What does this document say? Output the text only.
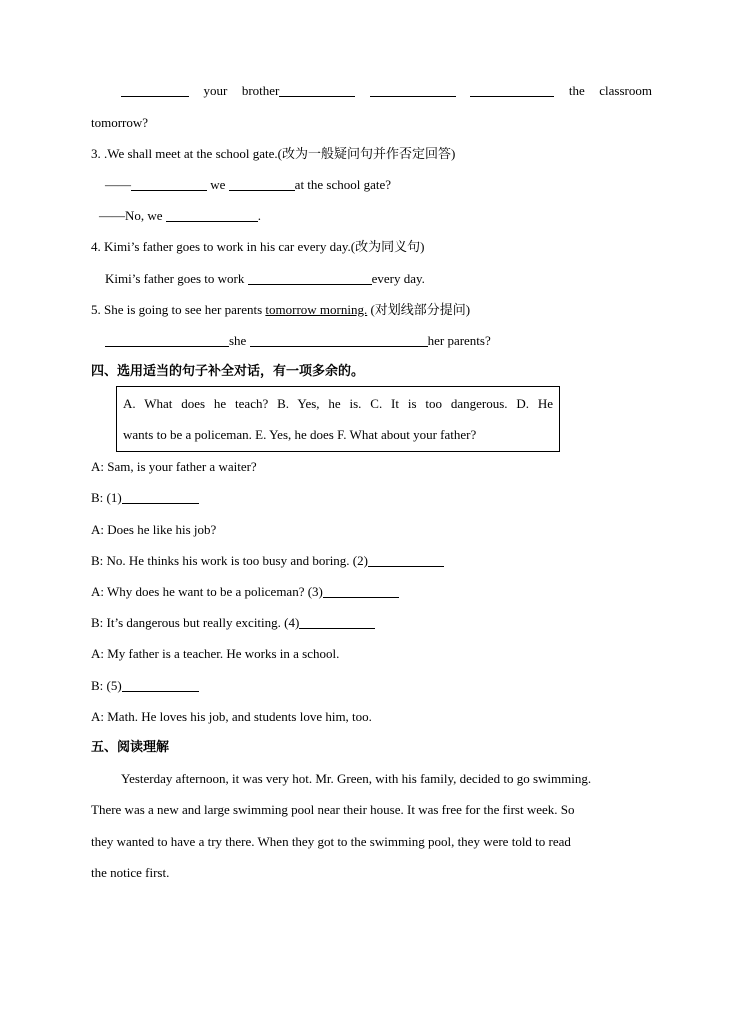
your brother	the classroom
tomorrow?
3. .We shall meet at the school gate.(改为一般疑问句并作否定回答)
——	we	at the school gate?
——No, we	.
4. Kimi’s father goes to work in his car every day.(改为同义句)
Kimi’s father goes to work	every day.
5. She is going to see her parents tomorrow morning. (对划线部分提问)
she	her parents?
四、选用适当的句子补全对话，有一项多余的。
A. What does he teach? B. Yes, he is. C. It is too dangerous. D. He
wants to be a policeman. E. Yes, he does F. What about your father?
A: Sam, is your father a waiter?
B: (1)
A: Does he like his job?
B: No. He thinks his work is too busy and boring. (2)
A: Why does he want to be a policeman? (3)
B: It’s dangerous but really exciting. (4)
A: My father is a teacher. He works in a school.
B: (5)
A: Math. He loves his job, and students love him, too.
五、阅读理解
Yesterday afternoon, it was very hot. Mr. Green, with his family, decided to go swimming.
There was a new and large swimming pool near their house. It was free for the first week. So
they wanted to have a try there. When they got to the swimming pool, they were told to read
the notice first.
